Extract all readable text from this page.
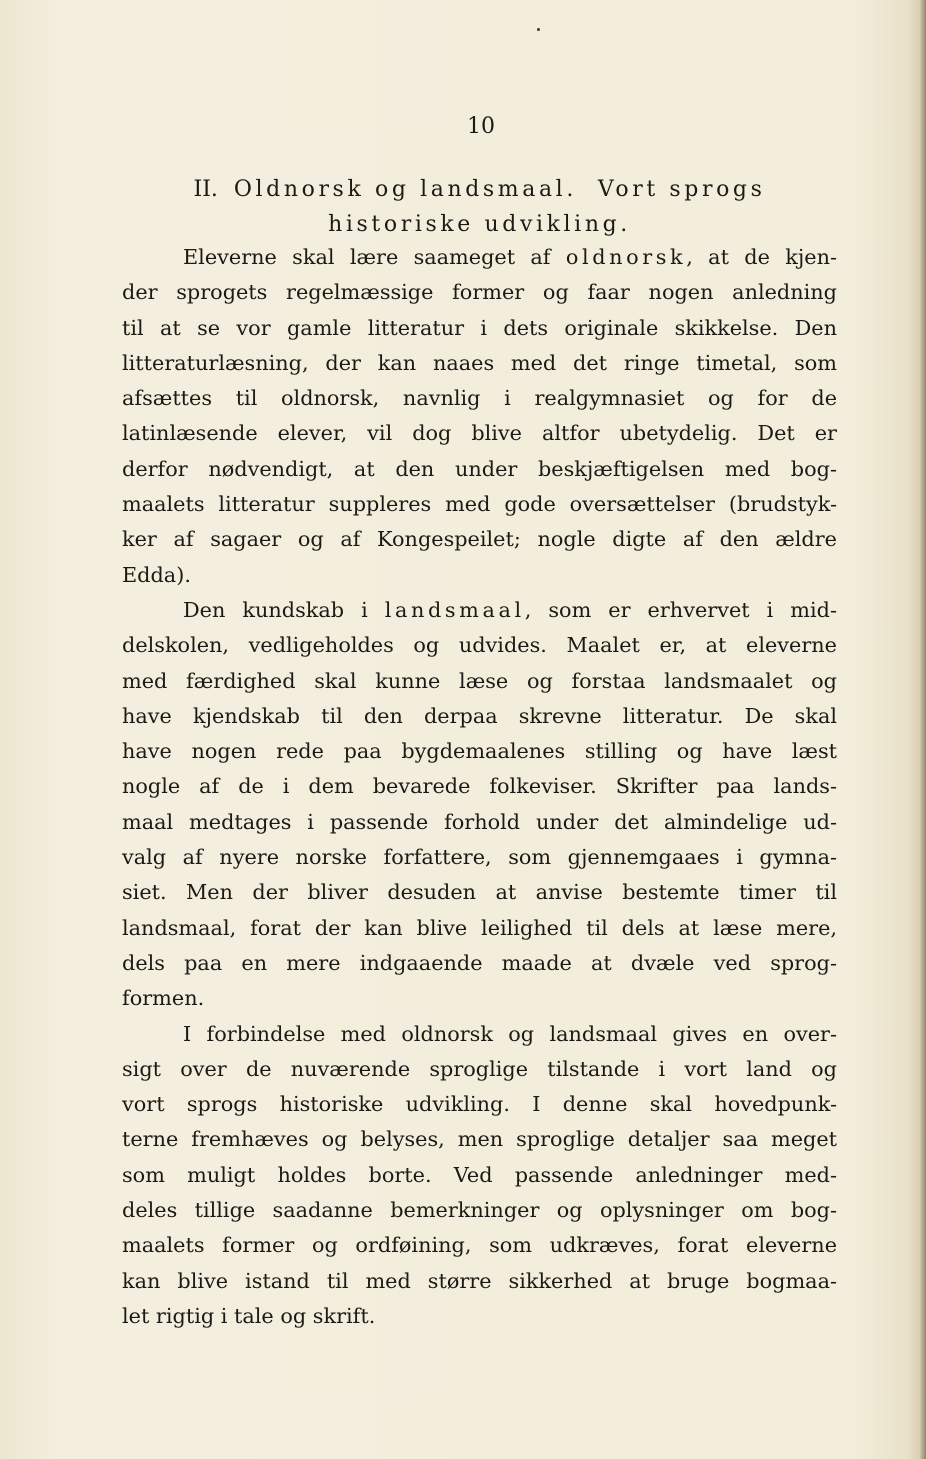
10
II. Oldnorsk og landsmaal. Vort sprogs
historiske udvikling.

Eleverne skal lære saameget af oldnorsk, at de kjen-
der sprogets regelmæssige former og faar nogen anledning
til at se vor gamle litteratur i dets originale skikkelse. Den
litteraturlæsning, der kan naaes med det ringe timetal, som
afsættes til oldnorsk, navnlig i realgymnasiet og for de
latinlæsende elever, vil dog blive altfor ubetydelig. Det er
derfor nødvendigt, at den under beskjæftigelsen med bog-
maalets litteratur suppleres med gode oversættelser (brudstyk-
ker af sagaer og af Kongespeilet; nogle digte af den ældre
Edda).

Den kundskab i landsmaal, som er erhvervet i mid-
delskolen, vedligeholdes og udvides. Maalet er, at eleverne
med færdighed skal kunne læse og forstaa landsmaalet og
have kjendskab til den derpaa skrevne litteratur. De skal
have nogen rede paa bygdemaalenes stilling og have læst
nogle af de i dem bevarede folkeviser. Skrifter paa lands-
maal medtages i passende forhold under det almindelige ud-
valg af nyere norske forfattere, som gjennemgaaes i gymna-
siet. Men der bliver desuden at anvise bestemte timer til
landsmaal, forat der kan blive leilighed til dels at læse mere,
dels paa en mere indgaaende maade at dvæle ved sprog-
formen.

I forbindelse med oldnorsk og landsmaal gives en over-
sigt over de nuværende sproglige tilstande i vort land og
vort sprogs historiske udvikling. I denne skal hovedpunk-
terne fremhæves og belyses, men sproglige detaljer saa meget
som muligt holdes borte. Ved passende anledninger med-
deles tillige saadanne bemerkninger og oplysninger om bog-
maalets former og ordføining, som udkræves, forat eleverne
kan blive istand til med større sikkerhed at bruge bogmaa-
let rigtig i tale og skrift.
